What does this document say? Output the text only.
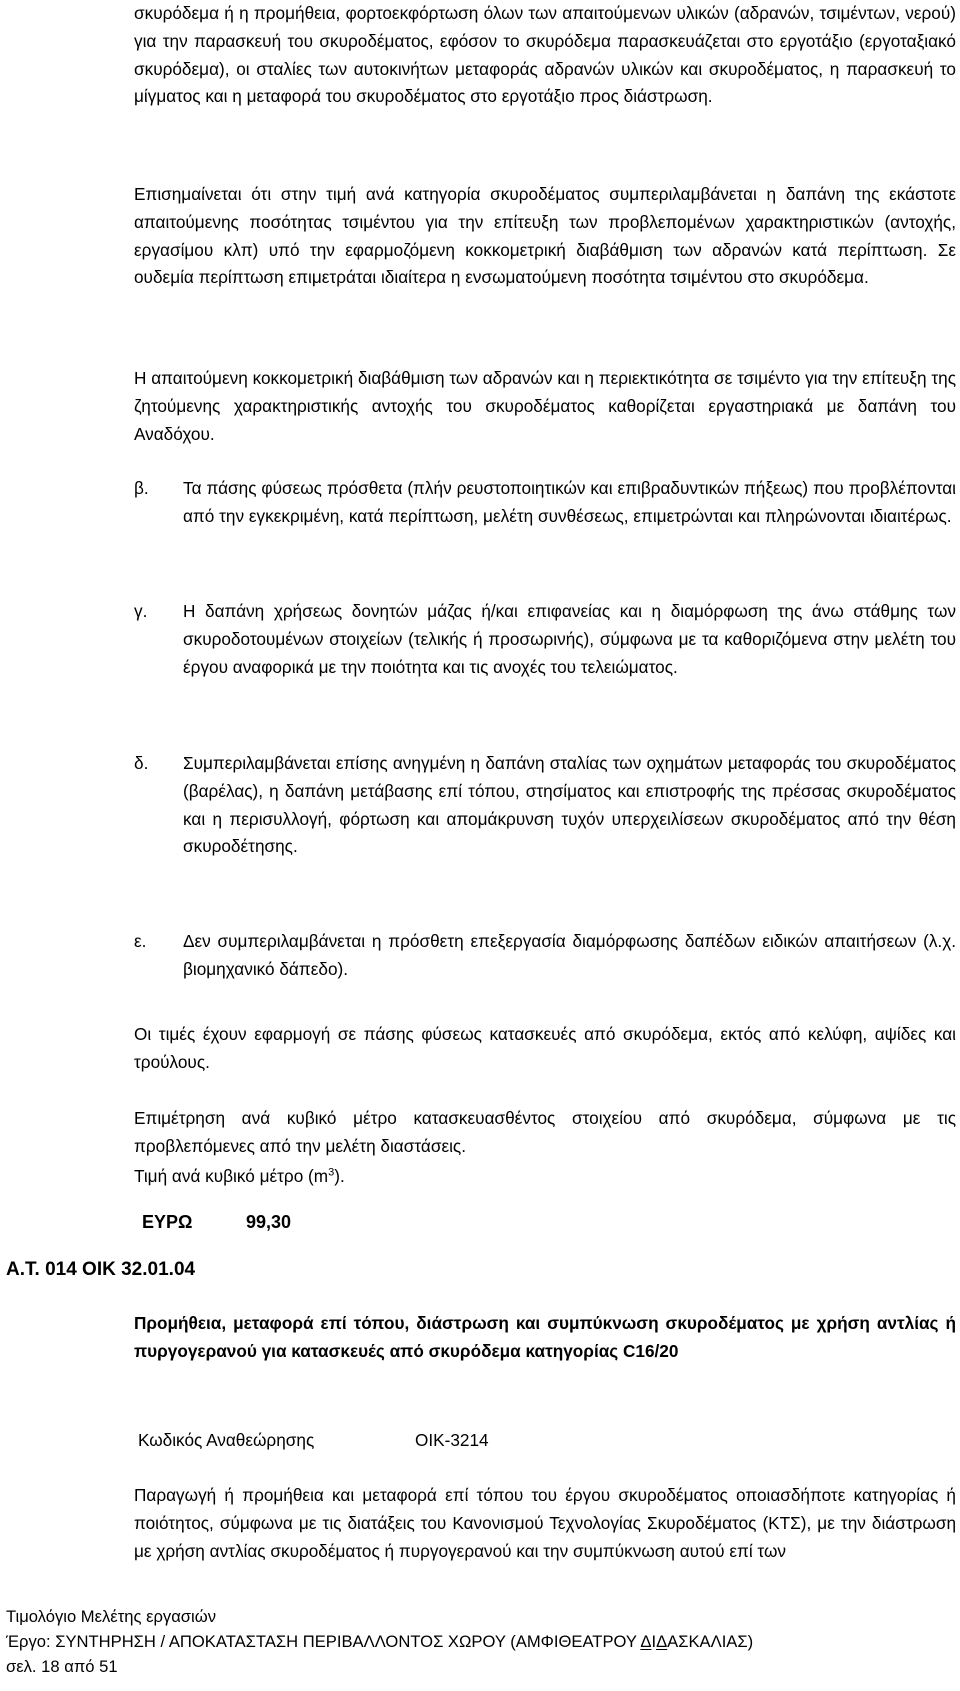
σκυρόδεμα ή η προμήθεια, φορτοεκφόρτωση όλων των απαιτούμενων υλικών (αδρανών, τσιμέντων, νερού) για την παρασκευή του σκυροδέματος, εφόσον το σκυρόδεμα παρασκευάζεται στο εργοτάξιο (εργοταξιακό σκυρόδεμα), οι σταλίες των αυτοκινήτων μεταφοράς αδρανών υλικών και σκυροδέματος, η παρασκευή το μίγματος και η μεταφορά του σκυροδέματος στο εργοτάξιο προς διάστρωση.

Επισημαίνεται ότι στην τιμή ανά κατηγορία σκυροδέματος συμπεριλαμβάνεται η δαπάνη της εκάστοτε απαιτούμενης ποσότητας τσιμέντου για την επίτευξη των προβλεπομένων χαρακτηριστικών (αντοχής, εργασίμου κλπ) υπό την εφαρμοζόμενη κοκκομετρική διαβάθμιση των αδρανών κατά περίπτωση. Σε ουδεμία περίπτωση επιμετράται ιδιαίτερα η ενσωματούμενη ποσότητα τσιμέντου στο σκυρόδεμα.

Η απαιτούμενη κοκκομετρική διαβάθμιση των αδρανών και η περιεκτικότητα σε τσιμέντο για την επίτευξη της ζητούμενης χαρακτηριστικής αντοχής του σκυροδέματος καθορίζεται εργαστηριακά με δαπάνη του Αναδόχου.

β. Τα πάσης φύσεως πρόσθετα (πλήν ρευστοποιητικών και επιβραδυντικών πήξεως) που προβλέπονται από την εγκεκριμένη, κατά περίπτωση, μελέτη συνθέσεως, επιμετρώνται και πληρώνονται ιδιαιτέρως.

γ. Η δαπάνη χρήσεως δονητών μάζας ή/και επιφανείας και η διαμόρφωση της άνω στάθμης των σκυροδοτουμένων στοιχείων (τελικής ή προσωρινής), σύμφωνα με τα καθοριζόμενα στην μελέτη του έργου αναφορικά με την ποιότητα και τις ανοχές του τελειώματος.

δ. Συμπεριλαμβάνεται επίσης ανηγμένη η δαπάνη σταλίας των οχημάτων μεταφοράς του σκυροδέματος (βαρέλας), η δαπάνη μετάβασης επί τόπου, στησίματος και επιστροφής της πρέσσας σκυροδέματος και η περισυλλογή, φόρτωση και απομάκρυνση τυχόν υπερχειλίσεων σκυροδέματος από την θέση σκυροδέτησης.

ε. Δεν συμπεριλαμβάνεται η πρόσθετη επεξεργασία διαμόρφωσης δαπέδων ειδικών απαιτήσεων (λ.χ. βιομηχανικό δάπεδο).

Οι τιμές έχουν εφαρμογή σε πάσης φύσεως κατασκευές από σκυρόδεμα, εκτός από κελύφη, αψίδες και τρούλους.

Επιμέτρηση ανά κυβικό μέτρο κατασκευασθέντος στοιχείου από σκυρόδεμα, σύμφωνα με τις προβλεπόμενες από την μελέτη διαστάσεις.

Τιμή ανά κυβικό μέτρο $(m^3)$.

ΕΥΡΩ	99,30
Α.Τ. 014 ΟΙΚ 32.01.04

Προμήθεια, μεταφορά επί τόπου, διάστρωση και συμπύκνωση σκυροδέματος με χρήση αντλίας ή πυργογερανού για κατασκευές από σκυρόδεμα κατηγορίας C16/20

Κωδικός Αναθεώρησης	ΟΙΚ-3214

Παραγωγή ή προμήθεια και μεταφορά επί τόπου του έργου σκυροδέματος οποιασδήποτε κατηγορίας ή ποιότητος, σύμφωνα με τις διατάξεις του Κανονισμού Τεχνολογίας Σκυροδέματος (ΚΤΣ), με την διάστρωση με χρήση αντλίας σκυροδέματος ή πυργογερανού και την συμπύκνωση αυτού επί των

Τιμολόγιο Μελέτης εργασιών
Έργο: ΣΥΝΤΗΡΗΣΗ / ΑΠΟΚΑΤΑΣΤΑΣΗ ΠΕΡΙΒΑΛΛΟΝΤΟΣ ΧΩΡΟΥ (ΑΜΦΙΘΕΑΤΡΟΥ ΔΙΔΑΣΚΑΛΙΑΣ)
σελ. 18 από 51
